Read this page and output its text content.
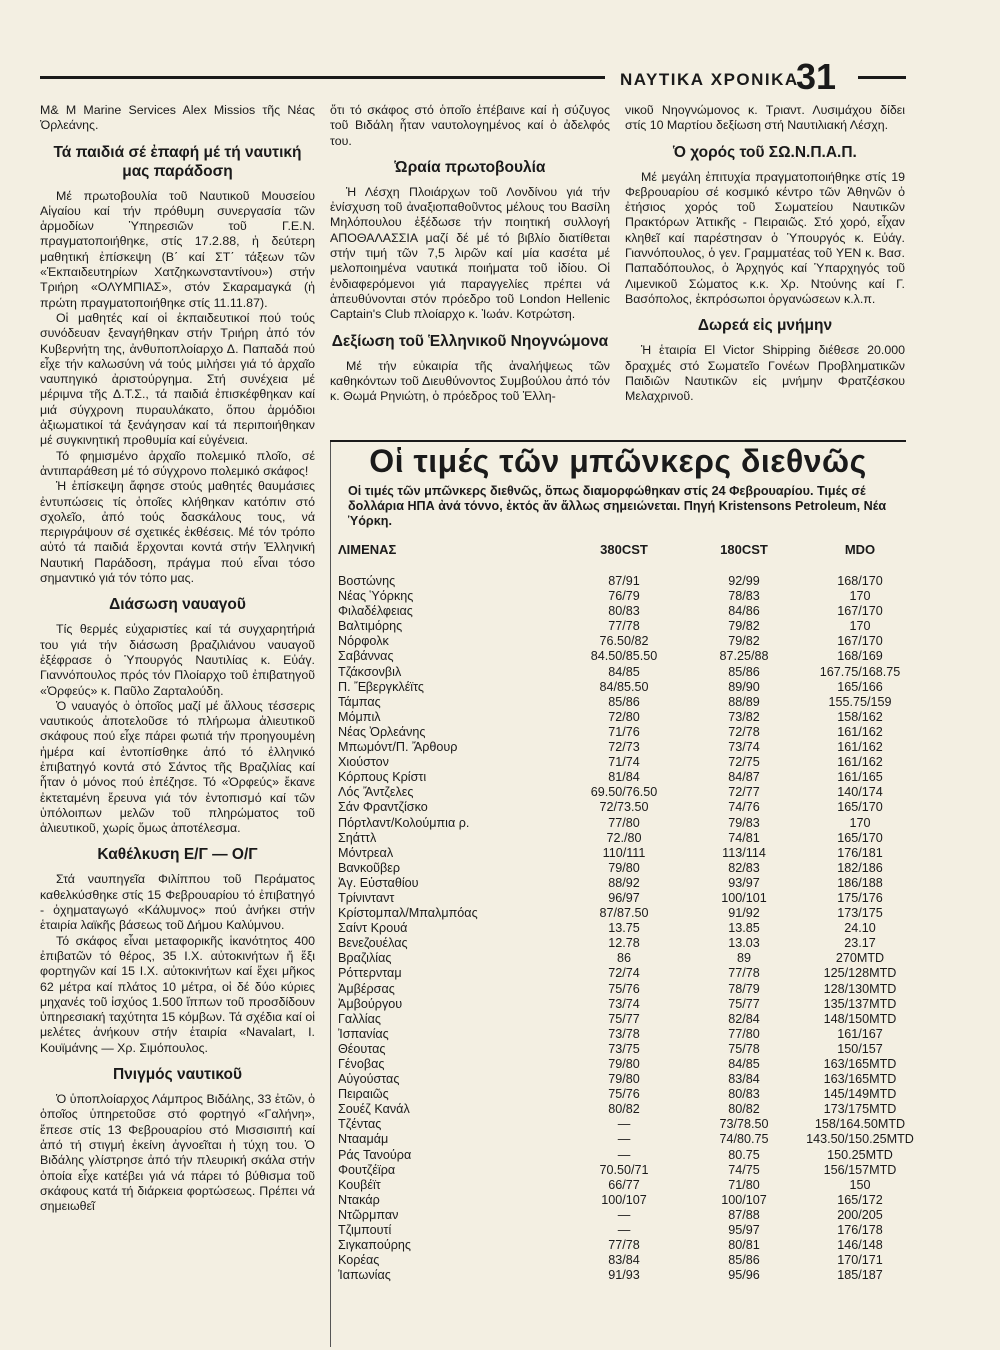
ΝΑΥΤΙΚΑ ΧΡΟΝΙΚΑ
31

M& M Marine Services Alex Missios τῆς Νέας Ὀρλεάνης.

Τά παιδιά σέ ἐπαφή μέ τή ναυτική μας παράδοση

Μέ πρωτοβουλία τοῦ Ναυτικοῦ Μουσείου Αἰγαίου καί τήν πρόθυμη συνεργασία τῶν ἁρμοδίων Ὑπηρεσιῶν τοῦ Γ.Ε.Ν. πραγματοποιήθηκε, στίς 17.2.88, ἡ δεύτερη μαθητική ἐπίσκεψη (Β΄ καί ΣΤ΄ τάξεων τῶν «Ἐκπαιδευτηρίων Χατζηκωνσταντίνου») στήν Τριήρη «ΟΛΥΜΠΙΑΣ», στόν Σκαραμαγκά (ἡ πρώτη πραγματοποιήθηκε στίς 11.11.87).

Οἱ μαθητές καί οἱ ἐκπαιδευτικοί πού τούς συνόδευαν ξεναγήθηκαν στήν Τριήρη ἀπό τόν Κυβερνήτη της, ἀνθυποπλοίαρχο Δ. Παπαδά πού εἶχε τήν καλωσύνη νά τούς μιλήσει γιά τό ἀρχαῖο ναυπηγικό ἀριστούργημα. Στή συνέχεια μέ μέριμνα τῆς Δ.Τ.Σ., τά παιδιά ἐπισκέφθηκαν καί μιά σύγχρονη πυραυλάκατο, ὅπου ἁρμόδιοι ἀξιωματικοί τά ξενάγησαν καί τά περιποιήθηκαν μέ συγκινητική προθυμία καί εὐγένεια.

Τό φημισμένο ἀρχαῖο πολεμικό πλοῖο, σέ ἀντιπαράθεση μέ τό σύγχρονο πολεμικό σκάφος!

Ἡ ἐπίσκεψη ἄφησε στούς μαθητές θαυμάσιες ἐντυπώσεις τίς ὁποῖες κλήθηκαν κατόπιν στό σχολεῖο, ἀπό τούς δασκάλους τους, νά περιγράψουν σέ σχετικές ἐκθέσεις. Μέ τόν τρόπο αὐτό τά παιδιά ἔρχονται κοντά στήν Ἑλληνική Ναυτική Παράδοση, πράγμα πού εἶναι τόσο σημαντικό γιά τόν τόπο μας.

Διάσωση ναυαγοῦ

Τίς θερμές εὐχαριστίες καί τά συγχαρητήριά του γιά τήν διάσωση βραζιλιάνου ναυαγοῦ ἐξέφρασε ὁ Ὑπουργός Ναυτιλίας κ. Εὐάγ. Γιαννόπουλος πρός τόν Πλοίαρχο τοῦ ἐπιβατηγοῦ «Ὀρφεύς» κ. Παῦλο Ζαρταλούδη.

Ὁ ναυαγός ὁ ὁποῖος μαζί μέ ἄλλους τέσσερις ναυτικούς ἀποτελοῦσε τό πλήρωμα ἁλιευτικοῦ σκάφους πού εἶχε πάρει φωτιά τήν προηγουμένη ἡμέρα καί ἐντοπίσθηκε ἀπό τό ἑλληνικό ἐπιβατηγό κοντά στό Σάντος τῆς Βραζιλίας καί ἦταν ὁ μόνος πού ἐπέζησε. Τό «Ὀρφεύς» ἔκανε ἐκτεταμένη ἔρευνα γιά τόν ἐντοπισμό καί τῶν ὑπόλοιπων μελῶν τοῦ πληρώματος τοῦ ἁλιευτικοῦ, χωρίς ὅμως ἀποτέλεσμα.

Καθέλκυση Ε/Γ — Ο/Γ

Στά ναυπηγεῖα Φιλίππου τοῦ Περάματος καθελκύσθηκε στίς 15 Φεβρουαρίου τό ἐπιβατηγό - ὀχηματαγωγό «Κάλυμνος» πού ἀνήκει στήν ἑταιρία λαϊκῆς βάσεως τοῦ Δήμου Καλύμνου.

Τό σκάφος εἶναι μεταφορικῆς ἱκανότητος 400 ἐπιβατῶν τό θέρος, 35 Ι.Χ. αὐτοκινήτων ἤ ἕξι φορτηγῶν καί 15 Ι.Χ. αὐτοκινήτων καί ἔχει μῆκος 62 μέτρα καί πλάτος 10 μέτρα, οἱ δέ δύο κύριες μηχανές τοῦ ἰσχύος 1.500 ἵππων τοῦ προσδίδουν ὑπηρεσιακή ταχύτητα 15 κόμβων. Τά σχέδια καί οἱ μελέτες ἀνήκουν στήν ἑταιρία «Navalart, I. Κουϊμάνης — Χρ. Σιμόπουλος.

Πνιγμός ναυτικοῦ

Ὁ ὑποπλοίαρχος Λάμπρος Βιδάλης, 33 ἐτῶν, ὁ ὁποῖος ὑπηρετοῦσε στό φορτηγό «Γαλήνη», ἔπεσε στίς 13 Φεβρουαρίου στό Μισσισιπή καί ἀπό τή στιγμή ἐκείνη ἀγνοεῖται ἡ τύχη του. Ὁ Βιδάλης γλίστρησε ἀπό τήν πλευρική σκάλα στήν ὁποία εἶχε κατέβει γιά νά πάρει τό βύθισμα τοῦ σκάφους κατά τή διάρκεια φορτώσεως. Πρέπει νά σημειωθεῖ

ὅτι τό σκάφος στό ὁποῖο ἐπέβαινε καί ἡ σύζυγος τοῦ Βιδάλη ἦταν ναυτολογημένος καί ὁ ἀδελφός του.

Ὡραία πρωτοβουλία

Ἡ Λέσχη Πλοιάρχων τοῦ Λονδίνου γιά τήν ἐνίσχυση τοῦ ἀναξιοπαθοῦντος μέλους του Βασίλη Μηλόπουλου ἐξέδωσε τήν ποιητική συλλογή ΑΠΟΘΑΛΑΣΣΙΑ μαζί δέ μέ τό βιβλίο διατίθεται στήν τιμή τῶν 7,5 λιρῶν καί μία κασέτα μέ μελοποιημένα ναυτικά ποιήματα τοῦ ἰδίου. Οἱ ἐνδιαφερόμενοι γιά παραγγελίες πρέπει νά ἀπευθύνονται στόν πρόεδρο τοῦ London Hellenic Captain's Club πλοίαρχο κ. Ἰωάν. Κοτρώτση.

Δεξίωση τοῦ Ἑλληνικοῦ Νηογνώμονα

Μέ τήν εὐκαιρία τῆς ἀναλήψεως τῶν καθηκόντων τοῦ Διευθύνοντος Συμβούλου ἀπό τόν κ. Θωμά Ρηνιώτη, ὁ πρόεδρος τοῦ Ἑλλη-

νικοῦ Νηογνώμονος κ. Τριαντ. Λυσιμάχου δίδει στίς 10 Μαρτίου δεξίωση στή Ναυτιλιακή Λέσχη.

Ὁ χορός τοῦ ΣΩ.Ν.Π.Α.Π.

Μέ μεγάλη ἐπιτυχία πραγματοποιήθηκε στίς 19 Φεβρουαρίου σέ κοσμικό κέντρο τῶν Ἀθηνῶν ὁ ἐτήσιος χορός τοῦ Σωματείου Ναυτικῶν Πρακτόρων Ἀττικῆς - Πειραιῶς. Στό χορό, εἶχαν κληθεῖ καί παρέστησαν ὁ Ὑπουργός κ. Εὐάγ. Γιαννόπουλος, ὁ γεν. Γραμματέας τοῦ ΥΕΝ κ. Βασ. Παπαδόπουλος, ὁ Ἀρχηγός καί Ὑπαρχηγός τοῦ Λιμενικοῦ Σώματος κ.κ. Χρ. Ντούνης καί Γ. Βασόπολος, ἐκπρόσωποι ὀργανώσεων κ.λ.π.

Δωρεά εἰς μνήμην

Ἡ ἑταιρία El Victor Shipping διέθεσε 20.000 δραχμές στό Σωματεῖο Γονέων Προβληματικῶν Παιδιῶν Ναυτικῶν εἰς μνήμην Φρατζέσκου Μελαχρινοῦ.

Οἱ τιμές τῶν μπῶνκερς διεθνῶς
Οἱ τιμές τῶν μπῶνκερς διεθνῶς, ὅπως διαμορφώθηκαν στίς 24 Φεβρουαρίου. Τιμές σέ δολλάρια ΗΠΑ ἀνά τόννο, ἐκτός ἄν ἄλλως σημειώνεται. Πηγή Kristensons Petroleum, Νέα Ὑόρκη.
ΛΙΜΕΝΑΣ	380CST	180CST	MDO
Βοστώνης	87/91	92/99	168/170
Νέας Ὑόρκης	76/79	78/83	170
Φιλαδέλφειας	80/83	84/86	167/170
Βαλτιμόρης	77/78	79/82	170
Νόρφολκ	76.50/82	79/82	167/170
Σαβάννας	84.50/85.50	87.25/88	168/169
Τζάκσονβιλ	84/85	85/86	167.75/168.75
Π. Ἔβεργκλέϊτς	84/85.50	89/90	165/166
Τάμπας	85/86	88/89	155.75/159
Μόμπιλ	72/80	73/82	158/162
Νέας Ὀρλεάνης	71/76	72/78	161/162
Μπωμόντ/Π. Ἄρθουρ	72/73	73/74	161/162
Χιούστον	71/74	72/75	161/162
Κόρπους Κρίστι	81/84	84/87	161/165
Λός Ἄντζελες	69.50/76.50	72/77	140/174
Σάν Φραντζίσκο	72/73.50	74/76	165/170
Πόρτλαντ/Κολούμπια ρ.	77/80	79/83	170
Σηάττλ	72./80	74/81	165/170
Μόντρεαλ	110/111	113/114	176/181
Βανκοῦβερ	79/80	82/83	182/186
Ἁγ. Εὐσταθίου	88/92	93/97	186/188
Τρίνινταντ	96/97	100/101	175/176
Κρίστομπαλ/Μπαλμπόας	87/87.50	91/92	173/175
Σαίντ Κρουά	13.75	13.85	24.10
Βενεζουέλας	12.78	13.03	23.17
Βραζιλίας	86	89	270MTD
Ρόττερνταμ	72/74	77/78	125/128MTD
Ἀμβέρσας	75/76	78/79	128/130MTD
Ἀμβούργου	73/74	75/77	135/137MTD
Γαλλίας	75/77	82/84	148/150MTD
Ἰσπανίας	73/78	77/80	161/167
Θέουτας	73/75	75/78	150/157
Γένοβας	79/80	84/85	163/165MTD
Αὐγούστας	79/80	83/84	163/165MTD
Πειραιῶς	75/76	80/83	145/149MTD
Σουέζ Κανάλ	80/82	80/82	173/175MTD
Τζέντας	—	73/78.50	158/164.50MTD
Ντααμάμ	—	74/80.75	143.50/150.25MTD
Ράς Τανούρα	—	80.75	150.25MTD
Φουτζέϊρα	70.50/71	74/75	156/157MTD
Κουβέϊτ	66/77	71/80	150
Ντακάρ	100/107	100/107	165/172
Ντῶρμπαν	—	87/88	200/205
Τζιμπουτί	—	95/97	176/178
Σιγκαπούρης	77/78	80/81	146/148
Κορέας	83/84	85/86	170/171
Ἰαπωνίας	91/93	95/96	185/187
